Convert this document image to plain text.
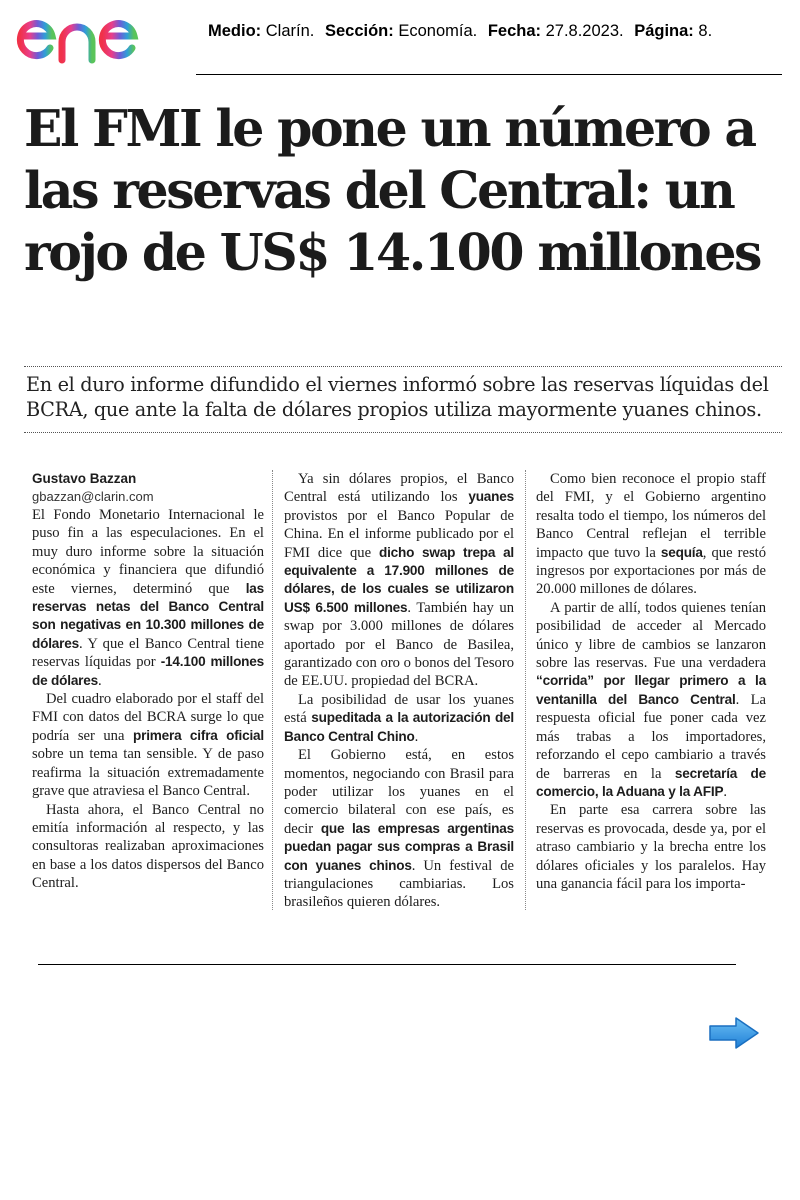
Medio: Clarín. Sección: Economía. Fecha: 27.8.2023. Página: 8.
El FMI le pone un número a las reservas del Central: un rojo de US$ 14.100 millones

En el duro informe difundido el viernes informó sobre las reservas líquidas del BCRA, que ante la falta de dólares propios utiliza mayormente yuanes chinos.

Gustavo Bazzan

gbazzan@clarin.com

El Fondo Monetario Internacional le puso fin a las especulaciones. En el muy duro informe sobre la situación económica y financiera que difundió este viernes, determinó que las reservas netas del Banco Central son negativas en 10.300 millones de dólares. Y que el Banco Central tiene reservas líquidas por -14.100 millones de dólares.

Del cuadro elaborado por el staff del FMI con datos del BCRA surge lo que podría ser una primera cifra oficial sobre un tema tan sensible. Y de paso reafirma la situación extremadamente grave que atraviesa el Banco Central.

Hasta ahora, el Banco Central no emitía información al respecto, y las consultoras realizaban aproximaciones en base a los datos dispersos del Banco Central.

Ya sin dólares propios, el Banco Central está utilizando los yuanes provistos por el Banco Popular de China. En el informe publicado por el FMI dice que dicho swap trepa al equivalente a 17.900 millones de dólares, de los cuales se utilizaron US$ 6.500 millones. También hay un swap por 3.000 millones de dólares aportado por el Banco de Basilea, garantizado con oro o bonos del Tesoro de EE.UU. propiedad del BCRA.

La posibilidad de usar los yuanes está supeditada a la autorización del Banco Central Chino.

El Gobierno está, en estos momentos, negociando con Brasil para poder utilizar los yuanes en el comercio bilateral con ese país, es decir que las empresas argentinas puedan pagar sus compras a Brasil con yuanes chinos. Un festival de triangulaciones cambiarias. Los brasileños quieren dólares.

Como bien reconoce el propio staff del FMI, y el Gobierno argentino resalta todo el tiempo, los números del Banco Central reflejan el terrible impacto que tuvo la sequía, que restó ingresos por exportaciones por más de 20.000 millones de dólares.

A partir de allí, todos quienes tenían posibilidad de acceder al Mercado único y libre de cambios se lanzaron sobre las reservas. Fue una verdadera “corrida” por llegar primero a la ventanilla del Banco Central. La respuesta oficial fue poner cada vez más trabas a los importadores, reforzando el cepo cambiario a través de barreras en la secretaría de comercio, la Aduana y la AFIP.

En parte esa carrera sobre las reservas es provocada, desde ya, por el atraso cambiario y la brecha entre los dólares oficiales y los paralelos. Hay una ganancia fácil para los importa-
